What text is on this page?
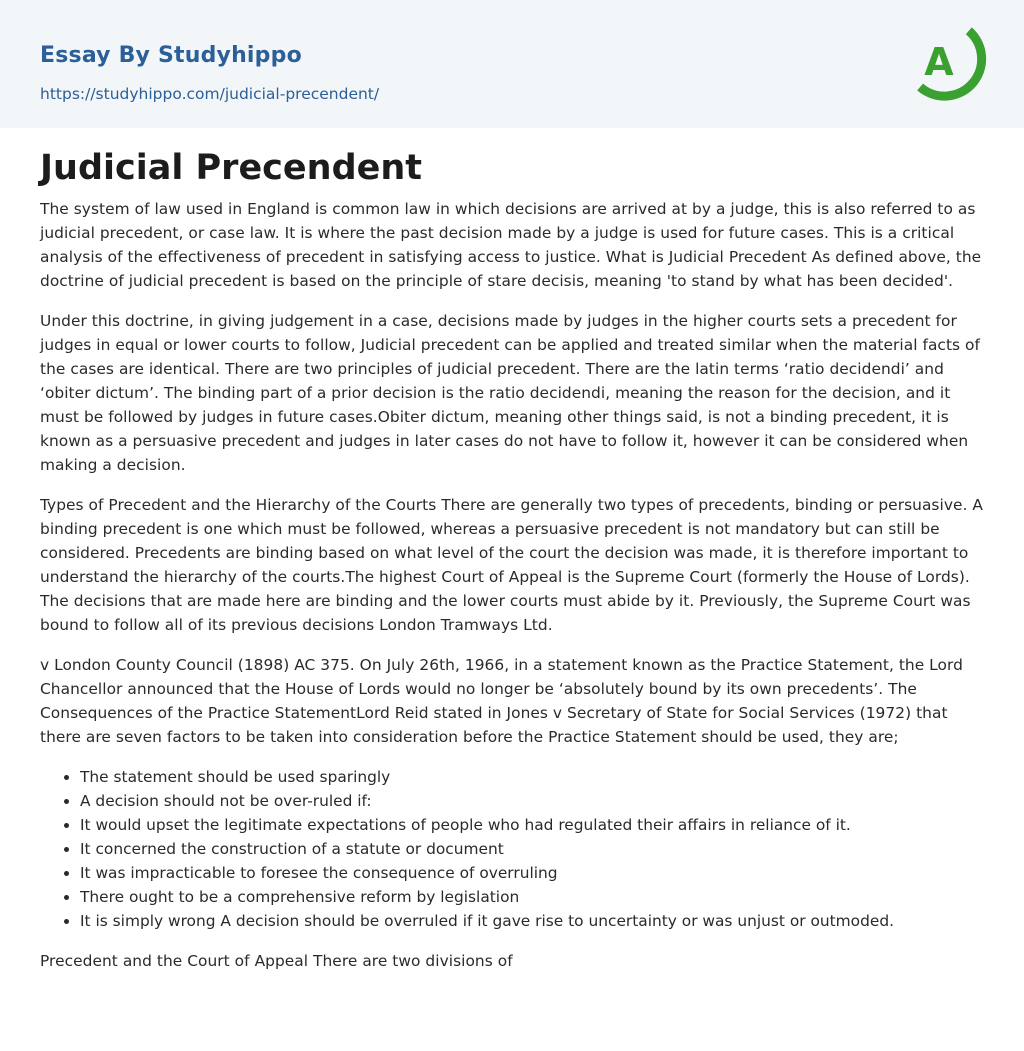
Essay By Studyhippo
https://studyhippo.com/judicial-precendent/
A
Judicial Precendent

The system of law used in England is common law in which decisions are arrived at by a judge, this is also referred to as judicial precedent, or case law. It is where the past decision made by a judge is used for future cases. This is a critical analysis of the effectiveness of precedent in satisfying access to justice. What is Judicial Precedent As defined above, the doctrine of judicial precedent is based on the principle of stare decisis, meaning 'to stand by what has been decided'.

Under this doctrine, in giving judgement in a case, decisions made by judges in the higher courts sets a precedent for judges in equal or lower courts to follow, Judicial precedent can be applied and treated similar when the material facts of the cases are identical. There are two principles of judicial precedent. There are the latin terms ‘ratio decidendi’ and ‘obiter dictum’. The binding part of a prior decision is the ratio decidendi, meaning the reason for the decision, and it must be followed by judges in future cases.Obiter dictum, meaning other things said, is not a binding precedent, it is known as a persuasive precedent and judges in later cases do not have to follow it, however it can be considered when making a decision.

Types of Precedent and the Hierarchy of the Courts There are generally two types of precedents, binding or persuasive. A binding precedent is one which must be followed, whereas a persuasive precedent is not mandatory but can still be considered. Precedents are binding based on what level of the court the decision was made, it is therefore important to understand the hierarchy of the courts.The highest Court of Appeal is the Supreme Court (formerly the House of Lords). The decisions that are made here are binding and the lower courts must abide by it. Previously, the Supreme Court was bound to follow all of its previous decisions London Tramways Ltd.

v London County Council (1898) AC 375. On July 26th, 1966, in a statement known as the Practice Statement, the Lord Chancellor announced that the House of Lords would no longer be ‘absolutely bound by its own precedents’. The Consequences of the Practice StatementLord Reid stated in Jones v Secretary of State for Social Services (1972) that there are seven factors to be taken into consideration before the Practice Statement should be used, they are;

• The statement should be used sparingly
• A decision should not be over-ruled if:
• It would upset the legitimate expectations of people who had regulated their affairs in reliance of it.
• It concerned the construction of a statute or document
• It was impracticable to foresee the consequence of overruling
• There ought to be a comprehensive reform by legislation
• It is simply wrong A decision should be overruled if it gave rise to uncertainty or was unjust or outmoded.

Precedent and the Court of Appeal There are two divisions of
